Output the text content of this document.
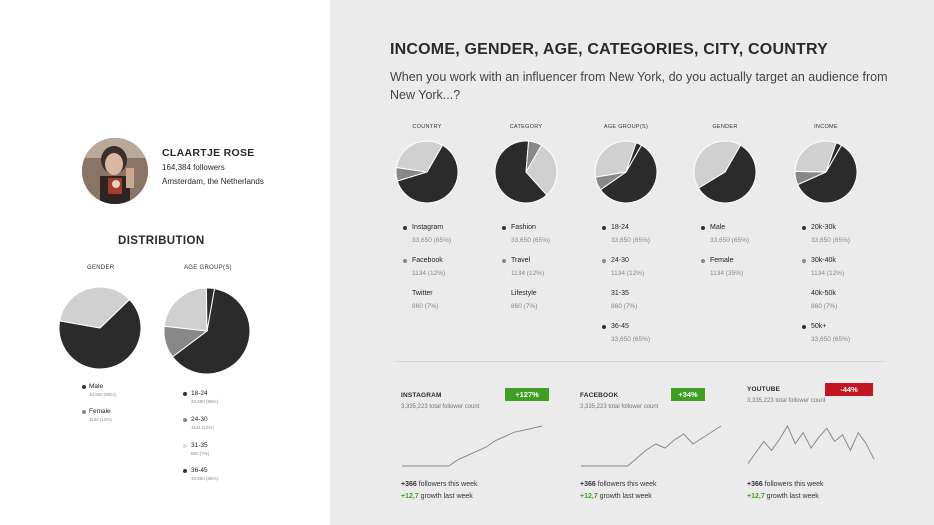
CLAARTJE ROSE
164,384 followers
Amsterdam, the Netherlands
DISTRIBUTION
GENDER	AGE GROUP(S)
Male
33,650 (65%)
Female
1134 (12%)
18-24
33,650 (65%)
24-30
1134 (12%)
31-35
860 (7%)
36-45
33,650 (65%)
INCOME, GENDER, AGE, CATEGORIES, CITY, COUNTRY
When you work with an influencer from New York, do you actually target an audience from New York...?
COUNTRY
Instagram
33,650 (65%)
Facebook
1134 (12%)
Twitter
860 (7%)
CATEGORY
Fashion
33,650 (65%)
Travel
1134 (12%)
Lifestyle
860 (7%)
AGE GROUP(S)
18-24
33,650 (65%)
24-30
1134 (12%)
31-35
860 (7%)
36-45
33,650 (65%)
GENDER
Male
33,650 (65%)
Female
1134 (35%)
INCOME
20k-30k
33,650 (65%)
30k-40k
1134 (12%)
40k-50k
860 (7%)
50k+
33,650 (65%)
INSTAGRAM
3,335,223 total follower count
+127%
+366 followers this week
+12,7 growth last week
FACEBOOK
3,335,223 total follower count
+34%
+366 followers this week
+12,7 growth last week
YOUTUBE
3,335,223 total follower count
-44%
+366 followers this week
+12,7 growth last week
